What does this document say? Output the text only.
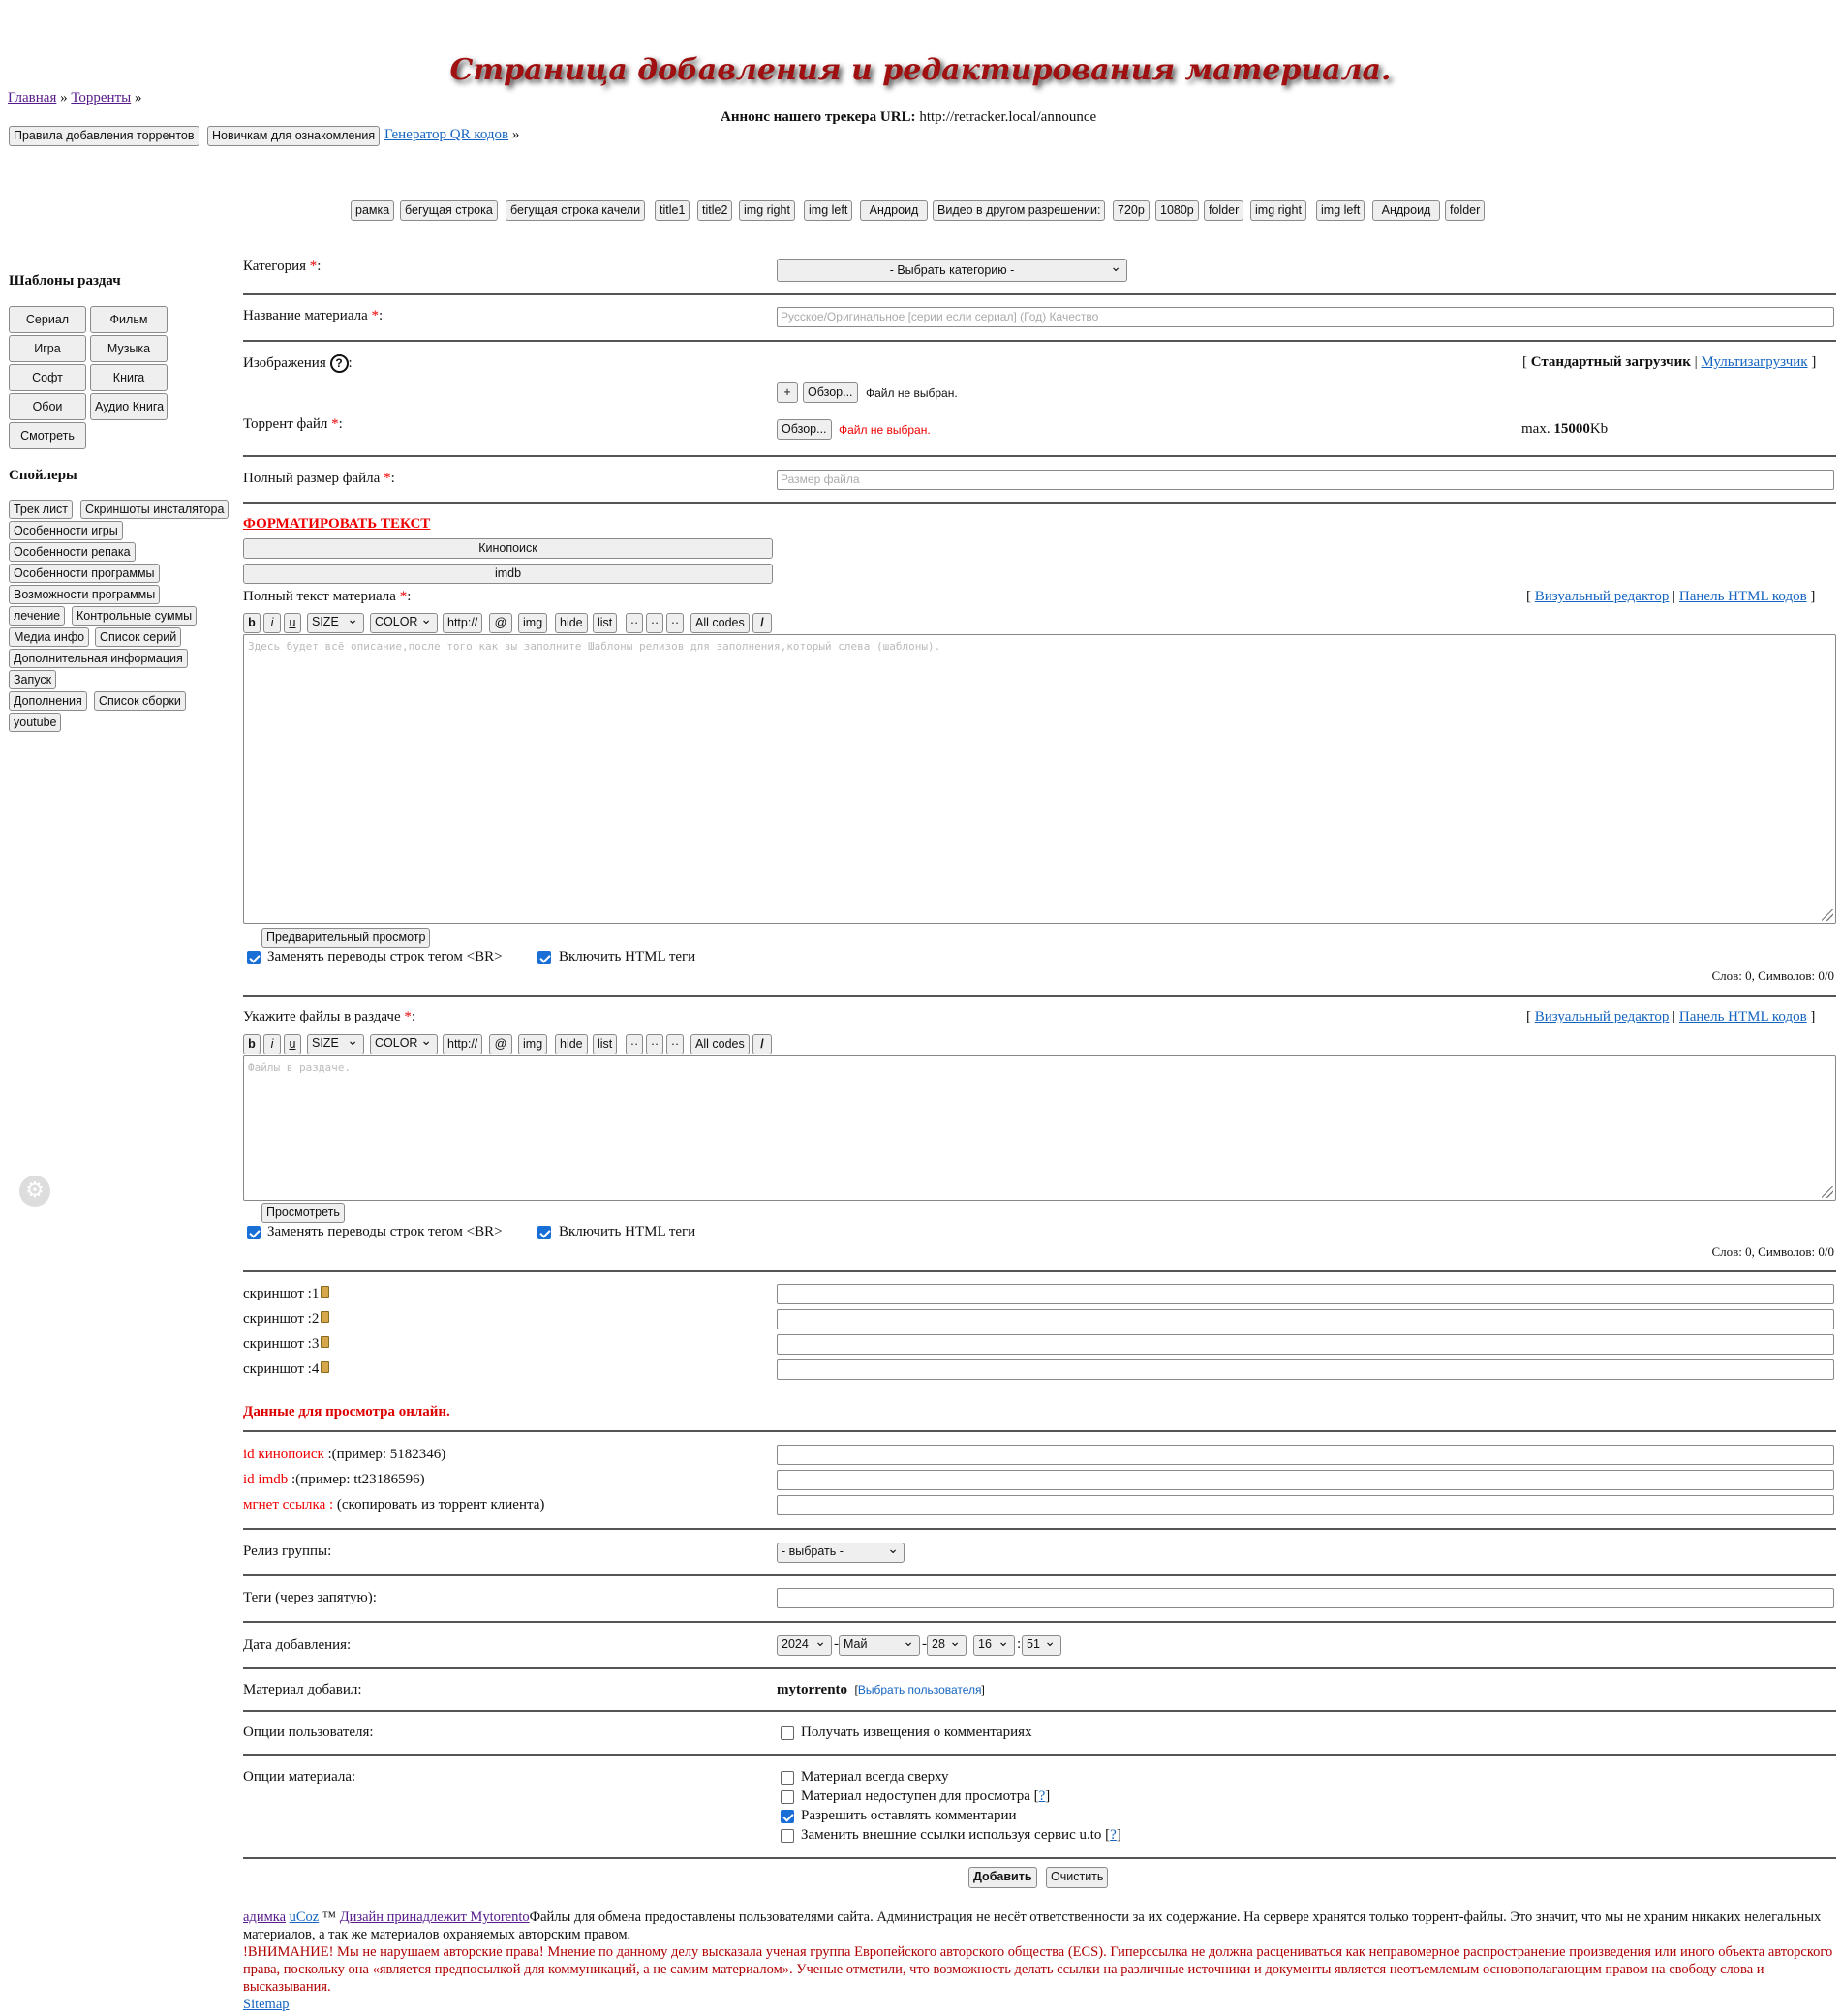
Страница добавления и редактирования материала.
Главная » Торренты »
Аннонс нашего трекера URL: http://retracker.local/announce
Правила добавления торрентов	Новичкам для ознакомления Генератор QR кодов »
рамка	бегущая строка	бегущая строка качели	title1	title2	img right	img left	Андроид	Видео в другом разрешении:	720p	1080p	folder	img right	img left	Андроид	folder
Шаблоны раздач
Сериал	Фильм
Игра	Музыка
Софт	Книга
Обои	Аудио Книга
Смотреть
Спойлеры
Трек лист	Скриншоты инсталятора
Особенности игры
Особенности репака
Особенности программы
Возможности программы
лечение	Контрольные суммы
Медиа инфо	Список серий
Дополнительная информация
Запуск
Дополнения	Список сборки
youtube
⚙
Категория *:	- Выбрать категорию - ⌄
Название материала *:	Русское/Оригинальное [серии если сериал] (Год) Качество
Изображения ? :	[ Стандартный загрузчик | Мультизагрузчик ]
+	Обзор...	Файл не выбран.
Торрент файл *:	Обзор...	Файл не выбран.	max. 15000Kb
Полный размер файла *:	Размер файла
ФОРМАТИРОВАТЬ ТЕКСТ
Кинопоиск
imdb
Полный текст материала *:	[ Визуальный редактор | Панель HTML кодов ]
b	i	u	SIZE ⌄	COLOR ⌄	http://	@	img	hide	list	··	··	··	All codes	/
Здесь будет всё описание,после того как вы заполните Шаблоны релизов для заполнения,который слева (шаблоны).
Предварительный просмотр
Заменять переводы строк тегом <BR>	Включить HTML теги
Слов: 0, Символов: 0/0
Укажите файлы в раздаче *:	[ Визуальный редактор | Панель HTML кодов ]
b	i	u	SIZE ⌄	COLOR ⌄	http://	@	img	hide	list	··	··	··	All codes	/
Файлы в раздаче.
Просмотреть
Заменять переводы строк тегом <BR>	Включить HTML теги
Слов: 0, Символов: 0/0
скриншот :1
скриншот :2
скриншот :3
скриншот :4
Данные для просмотра онлайн.
id кинопоиск :(пример: 5182346)
id imdb :(пример: tt23186596)
мгнет ссылка : (скопировать из торрент клиента)
Релиз группы:	- выбрать - ⌄
Теги (через запятую):
Дата добавления:	2024 ⌄	- Май ⌄	- 28 ⌄	16 ⌄	: 51 ⌄
Материал добавил:	mytorrento [Выбрать пользователя]
Опции пользователя:	Получать извещения о комментариях
Опции материала:	Материал всегда сверху
Материал недоступен для просмотра [?]
Разрешить оставлять комментарии
Заменить внешние ссылки используя сервис u.to [?]
Добавить	Очистить
адимка uCoz ™ Дизайн принадлежит MytorentoФайлы для обмена предоставлены пользователями сайта. Администрация не несёт ответственности за их содержание. На сервере хранятся только торрент-файлы. Это значит, что мы не храним никаких нелегальных материалов, а так же материалов охраняемых авторским правом.
!ВНИМАНИЕ! Мы не нарушаем авторские права! Мнение по данному делу высказала ученая группа Европейского авторского общества (ECS). Гиперссылка не должна расцениваться как неправомерное распространение произведения или иного объекта авторского права, поскольку она «является предпосылкой для коммуникаций, а не самим материалом». Ученые отметили, что возможность делать ссылки на различные источники и документы является неотъемлемым основополагающим правом на свободу слова и высказывания.
Sitemap
